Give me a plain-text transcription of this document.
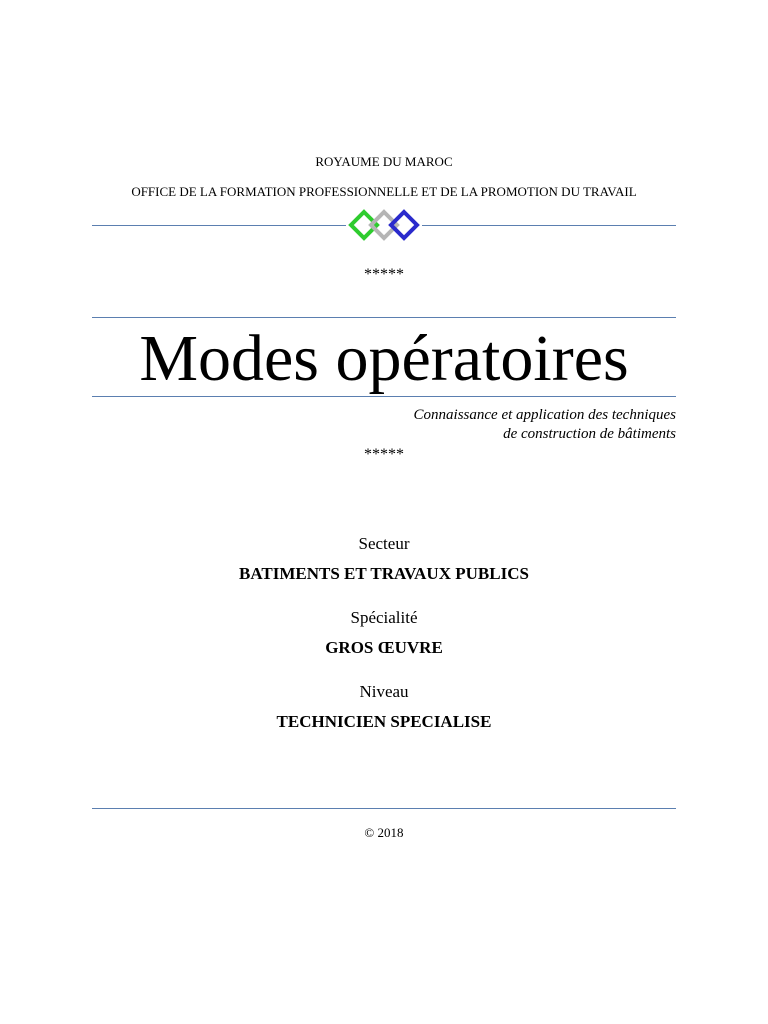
ROYAUME DU MAROC
OFFICE DE LA FORMATION PROFESSIONNELLE ET DE LA PROMOTION DU TRAVAIL
*****
Modes opératoires
Connaissance et application des techniques
de construction de bâtiments
*****
Secteur
BATIMENTS ET TRAVAUX PUBLICS
Spécialité
GROS ŒUVRE
Niveau
TECHNICIEN SPECIALISE
© 2018
